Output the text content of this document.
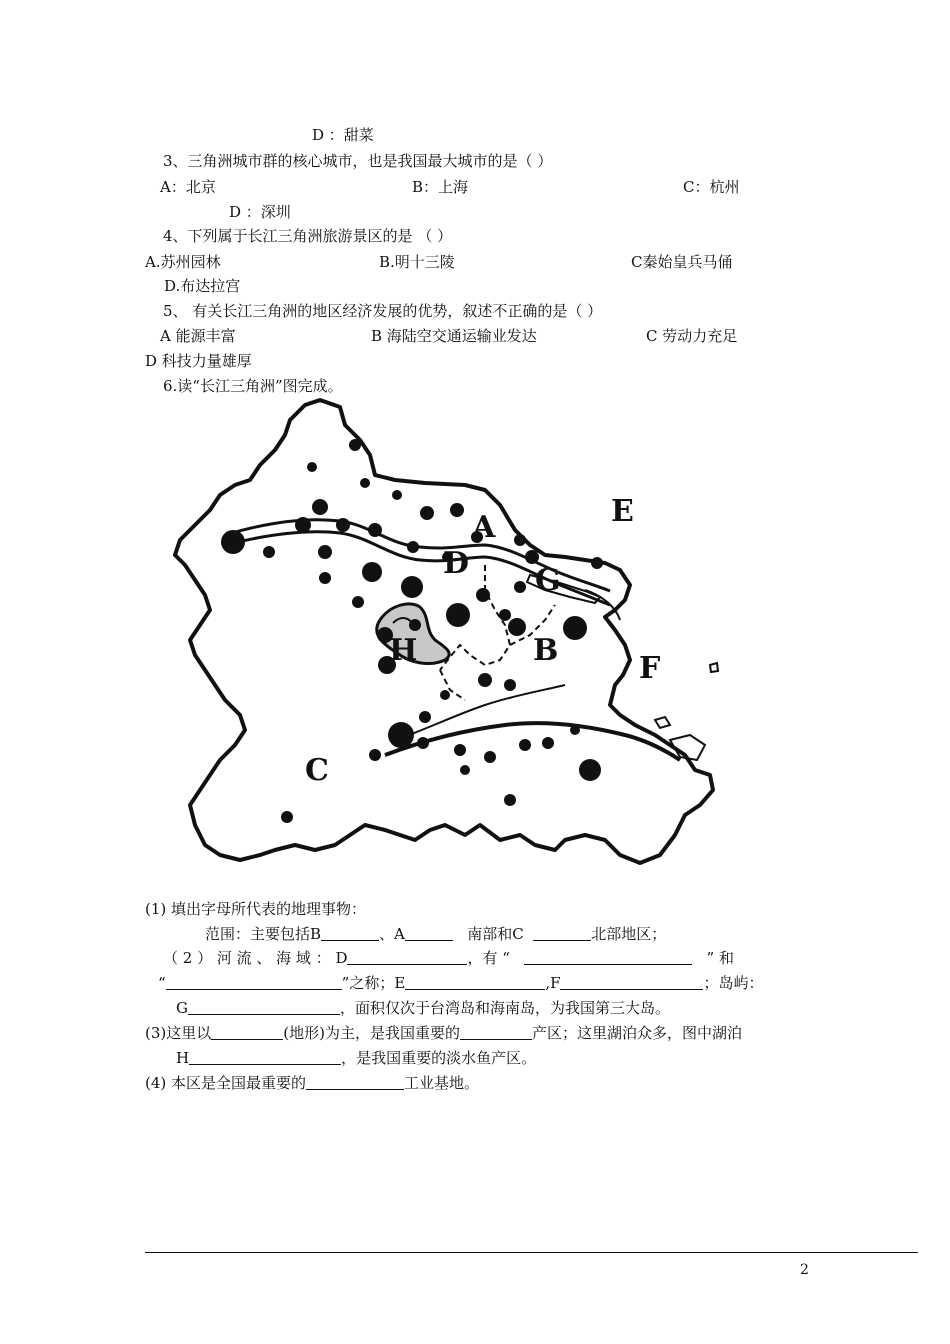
D ：甜菜
3、三角洲城市群的核心城市，也是我国最大城市的是（ ）
A：北京	B：上海	C：杭州
D ：深圳
4、下列属于长江三角洲旅游景区的是 （ ）
A.苏州园林	B.明十三陵	C秦始皇兵马俑
D.布达拉宫
5、 有关长江三角洲的地区经济发展的优势，叙述不正确的是（ ）
A 能源丰富	B 海陆空交通运输业发达	C 劳动力充足
D 科技力量雄厚
6.读“长江三角洲”图完成。
A
D G
E
B
H
F
C
(1) 填出字母所代表的地理事物：
范围：主要包括B	、A	南部和C	北部地区；
（ 2 ） 河 流 、 海 域 ： D	，有 “	” 和
“	”之称；E	,F	；岛屿：
G	，面积仅次于台湾岛和海南岛，为我国第三大岛。
(3)这里以	(地形)为主，是我国重要的	产区；这里湖泊众多，图中湖泊
H	，是我国重要的淡水鱼产区。
(4) 本区是全国最重要的	工业基地。
2
